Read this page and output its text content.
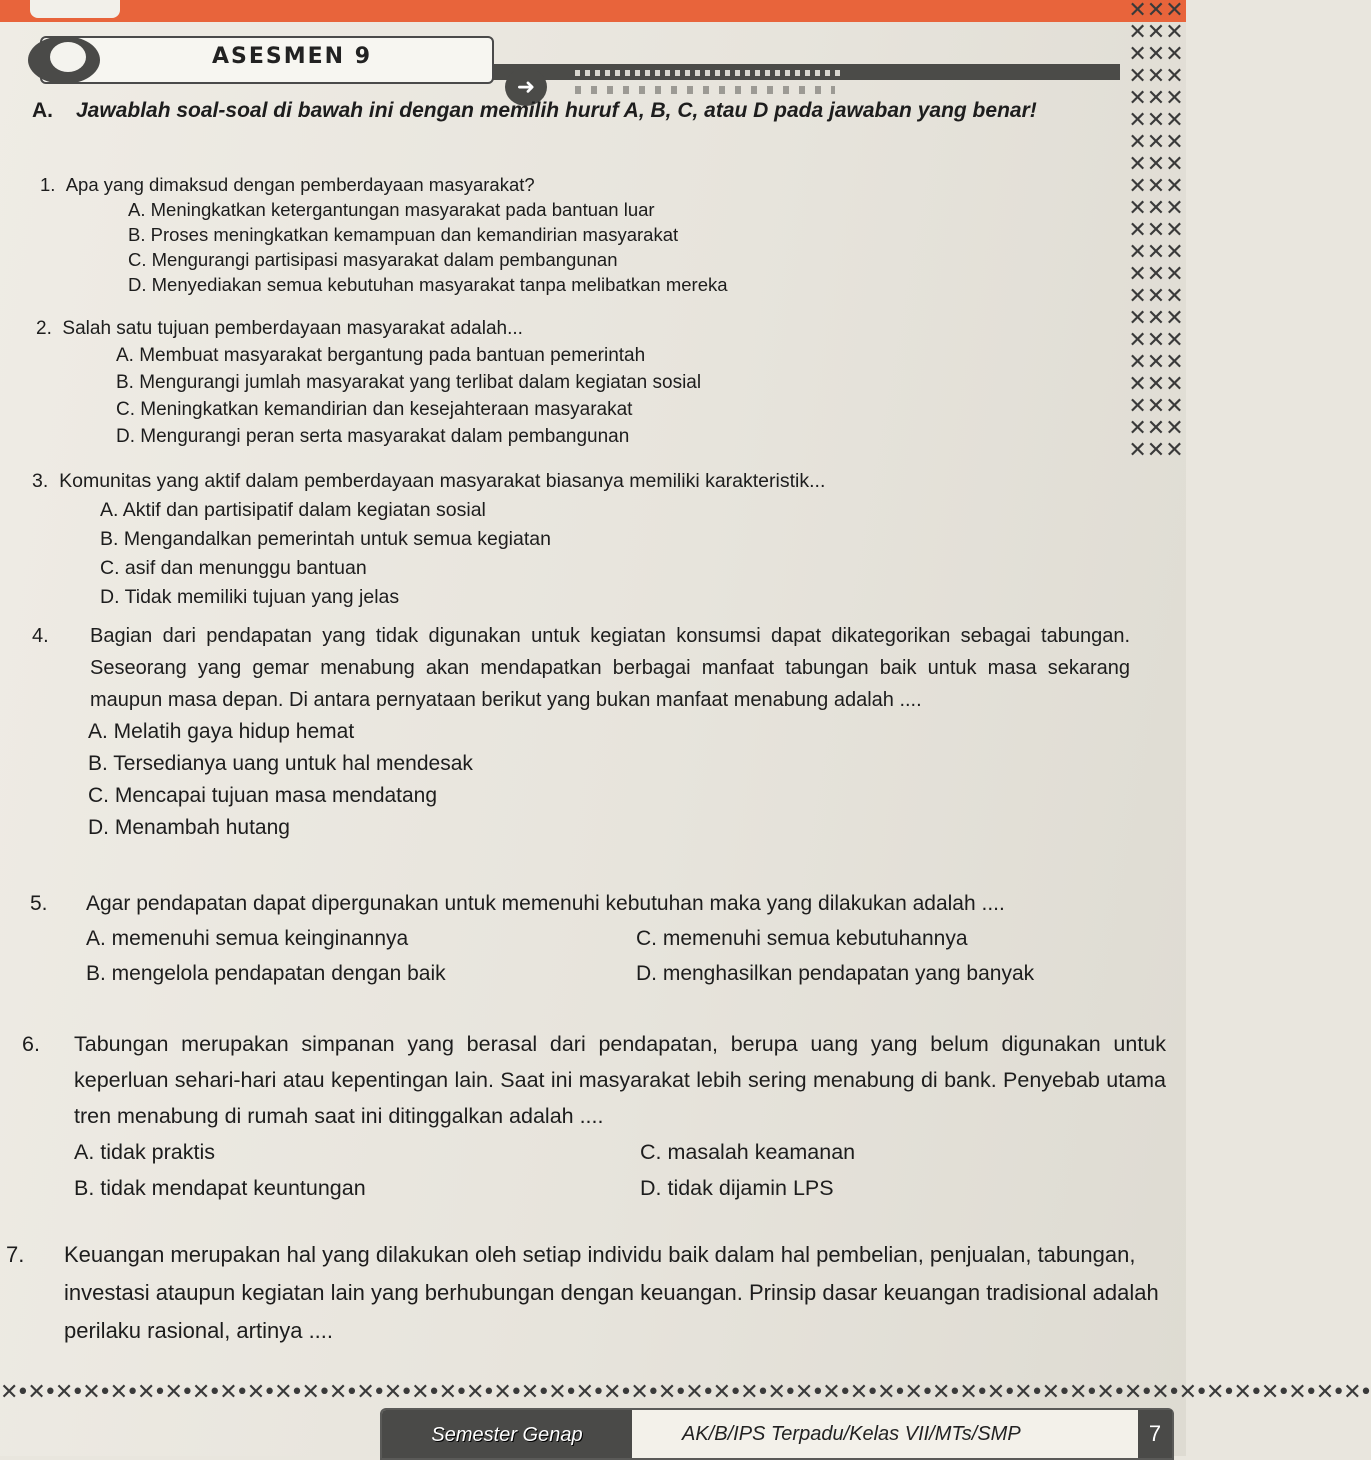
➜
ASESMEN 9
✕✕✕✕✕✕✕✕✕✕✕✕✕✕✕✕✕✕✕✕✕✕✕✕✕✕✕✕✕✕✕✕✕✕✕✕✕✕✕✕✕✕✕✕✕✕✕✕✕✕✕✕✕✕✕✕✕✕✕✕✕✕✕
A. Jawablah soal-soal di bawah ini dengan memilih huruf A, B, C, atau D pada jawaban yang benar!

1. Apa yang dimaksud dengan pemberdayaan masyarakat?

A. Meningkatkan ketergantungan masyarakat pada bantuan luar

B. Proses meningkatkan kemampuan dan kemandirian masyarakat

C. Mengurangi partisipasi masyarakat dalam pembangunan

D. Menyediakan semua kebutuhan masyarakat tanpa melibatkan mereka

2. Salah satu tujuan pemberdayaan masyarakat adalah...

A. Membuat masyarakat bergantung pada bantuan pemerintah

B. Mengurangi jumlah masyarakat yang terlibat dalam kegiatan sosial

C. Meningkatkan kemandirian dan kesejahteraan masyarakat

D. Mengurangi peran serta masyarakat dalam pembangunan

3. Komunitas yang aktif dalam pemberdayaan masyarakat biasanya memiliki karakteristik...

A. Aktif dan partisipatif dalam kegiatan sosial

B. Mengandalkan pemerintah untuk semua kegiatan

C. asif dan menunggu bantuan

D. Tidak memiliki tujuan yang jelas

4.	Bagian dari pendapatan yang tidak digunakan untuk kegiatan konsumsi dapat dikategorikan sebagai tabungan. Seseorang yang gemar menabung akan mendapatkan berbagai manfaat tabungan baik untuk masa sekarang maupun masa depan. Di antara pernyataan berikut yang bukan manfaat menabung adalah ....

A. Melatih gaya hidup hemat

B. Tersedianya uang untuk hal mendesak

C. Mencapai tujuan masa mendatang

D. Menambah hutang

5.	Agar pendapatan dapat dipergunakan untuk memenuhi kebutuhan maka yang dilakukan adalah ....
A. memenuhi semua keinginannya	C. memenuhi semua kebutuhannya
B. mengelola pendapatan dengan baik	D. menghasilkan pendapatan yang banyak
6.	Tabungan merupakan simpanan yang berasal dari pendapatan, berupa uang yang belum digunakan untuk keperluan sehari-hari atau kepentingan lain. Saat ini masyarakat lebih sering menabung di bank. Penyebab utama tren menabung di rumah saat ini ditinggalkan adalah ....
A. tidak praktis	C. masalah keamanan
B. tidak mendapat keuntungan	D. tidak dijamin LPS
7.	Keuangan merupakan hal yang dilakukan oleh setiap individu baik dalam hal pembelian, penjualan, tabungan, investasi ataupun kegiatan lain yang berhubungan dengan keuangan. Prinsip dasar keuangan tradisional adalah perilaku rasional, artinya ....
✕•✕•✕•✕•✕•✕•✕•✕•✕•✕•✕•✕•✕•✕•✕•✕•✕•✕•✕•✕•✕•✕•✕•✕•✕•✕•✕•✕•✕•✕•✕•✕•✕•✕•✕•✕•✕•✕•✕•✕•✕•✕•✕•✕•✕•✕•✕•✕•✕•✕•
Semester Genap	AK/B/IPS Terpadu/Kelas VII/MTs/SMP	7
